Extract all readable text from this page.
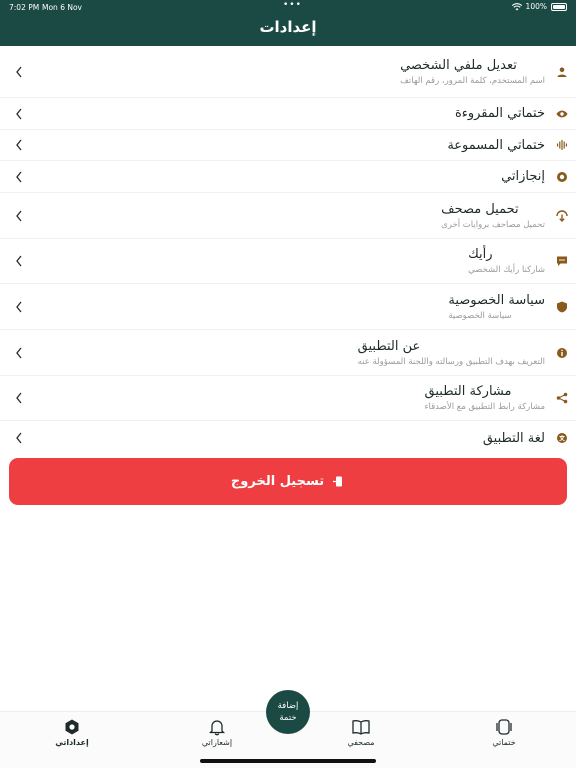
7:02 PM Mon 6 Nov	•••	100%
إعدادات
تعديل ملفي الشخصي
اسم المستخدم، كلمة المرور، رقم الهاتف
ختماتي المقروءة
ختماتي المسموعة
إنجازاتي
تحميل مصحف
تحميل مصاحف بروايات أخرى
رأيك
شاركنا رأيك الشخصي
سياسة الخصوصية
سياسة الخصوصية
عن التطبيق
التعريف بهدف التطبيق ورسالته واللجنة المسؤولة عنه
مشاركة التطبيق
مشاركة رابط التطبيق مع الأصدقاء
لغة التطبيق
تسجيل الخروج
إعداداتي	إشعاراتي	مصحفي	ختماتي
إضافة
ختمة
